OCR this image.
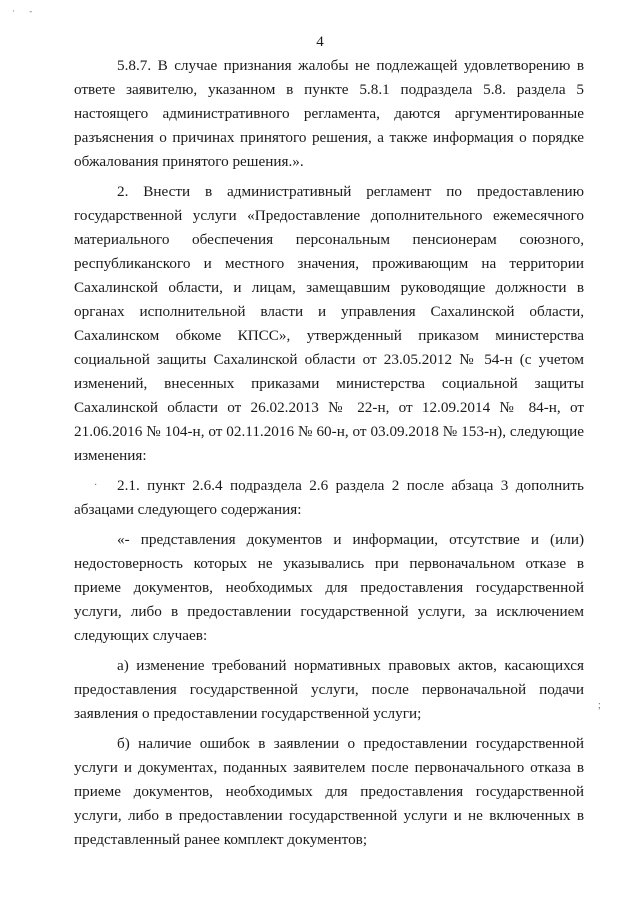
· -
4
5.8.7. В случае признания жалобы не подлежащей удовлетворению в
ответе заявителю, указанном в пункте 5.8.1 подраздела 5.8. раздела 5
настоящего административного регламента, даются аргументированные
разъяснения о причинах принятого решения, а также информация о порядке
обжалования принятого решения.».
2. Внести в административный регламент по предоставлению
государственной услуги «Предоставление дополнительного ежемесячного
материального обеспечения персональным пенсионерам союзного,
республиканского и местного значения, проживающим на территории
Сахалинской области, и лицам, замещавшим руководящие должности в
органах исполнительной власти и управления Сахалинской области,
Сахалинском обкоме КПСС», утвержденный приказом министерства
социальной защиты Сахалинской области от 23.05.2012 № 54-н (с учетом
изменений, внесенных приказами министерства социальной защиты
Сахалинской области от 26.02.2013 № 22-н, от 12.09.2014 № 84-н, от
21.06.2016 № 104-н, от 02.11.2016 № 60-н, от 03.09.2018 № 153-н), следующие
изменения:
2.1. пункт 2.6.4 подраздела 2.6 раздела 2 после абзаца 3 дополнить
абзацами следующего содержания:
«- представления документов и информации, отсутствие и (или)
недостоверность которых не указывались при первоначальном отказе в
приеме документов, необходимых для предоставления государственной
услуги, либо в предоставлении государственной услуги, за исключением
следующих случаев:
а) изменение требований нормативных правовых актов, касающихся
предоставления государственной услуги, после первоначальной подачи
заявления о предоставлении государственной услуги;
б) наличие ошибок в заявлении о предоставлении государственной
услуги и документах, поданных заявителем после первоначального отказа в
приеме документов, необходимых для предоставления государственной
услуги, либо в предоставлении государственной услуги и не включенных в
представленный ранее комплект документов;
;
·
